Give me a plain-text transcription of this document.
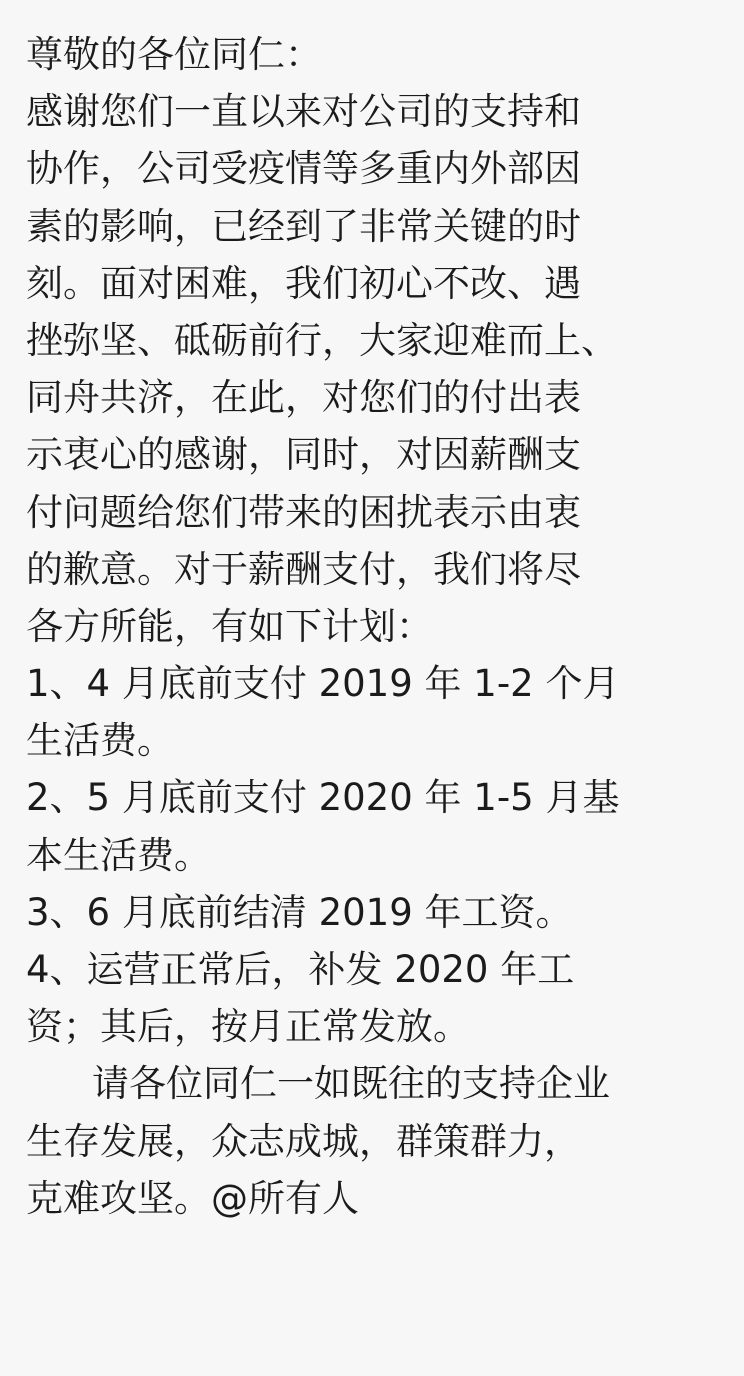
尊敬的各位同仁：
感谢您们一直以来对公司的支持和
协作，公司受疫情等多重内外部因
素的影响，已经到了非常关键的时
刻。面对困难，我们初心不改、遇
挫弥坚、砥砺前行，大家迎难而上、
同舟共济，在此，对您们的付出表
示衷心的感谢，同时，对因薪酬支
付问题给您们带来的困扰表示由衷
的歉意。对于薪酬支付，我们将尽
各方所能，有如下计划：
1、4 月底前支付 2019 年 1-2 个月
生活费。
2、5 月底前支付 2020 年 1-5 月基
本生活费。
3、6 月底前结清 2019 年工资。
4、运营正常后，补发 2020 年工
资；其后，按月正常发放。
请各位同仁一如既往的支持企业
生存发展，众志成城，群策群力，
克难攻坚。@所有人
